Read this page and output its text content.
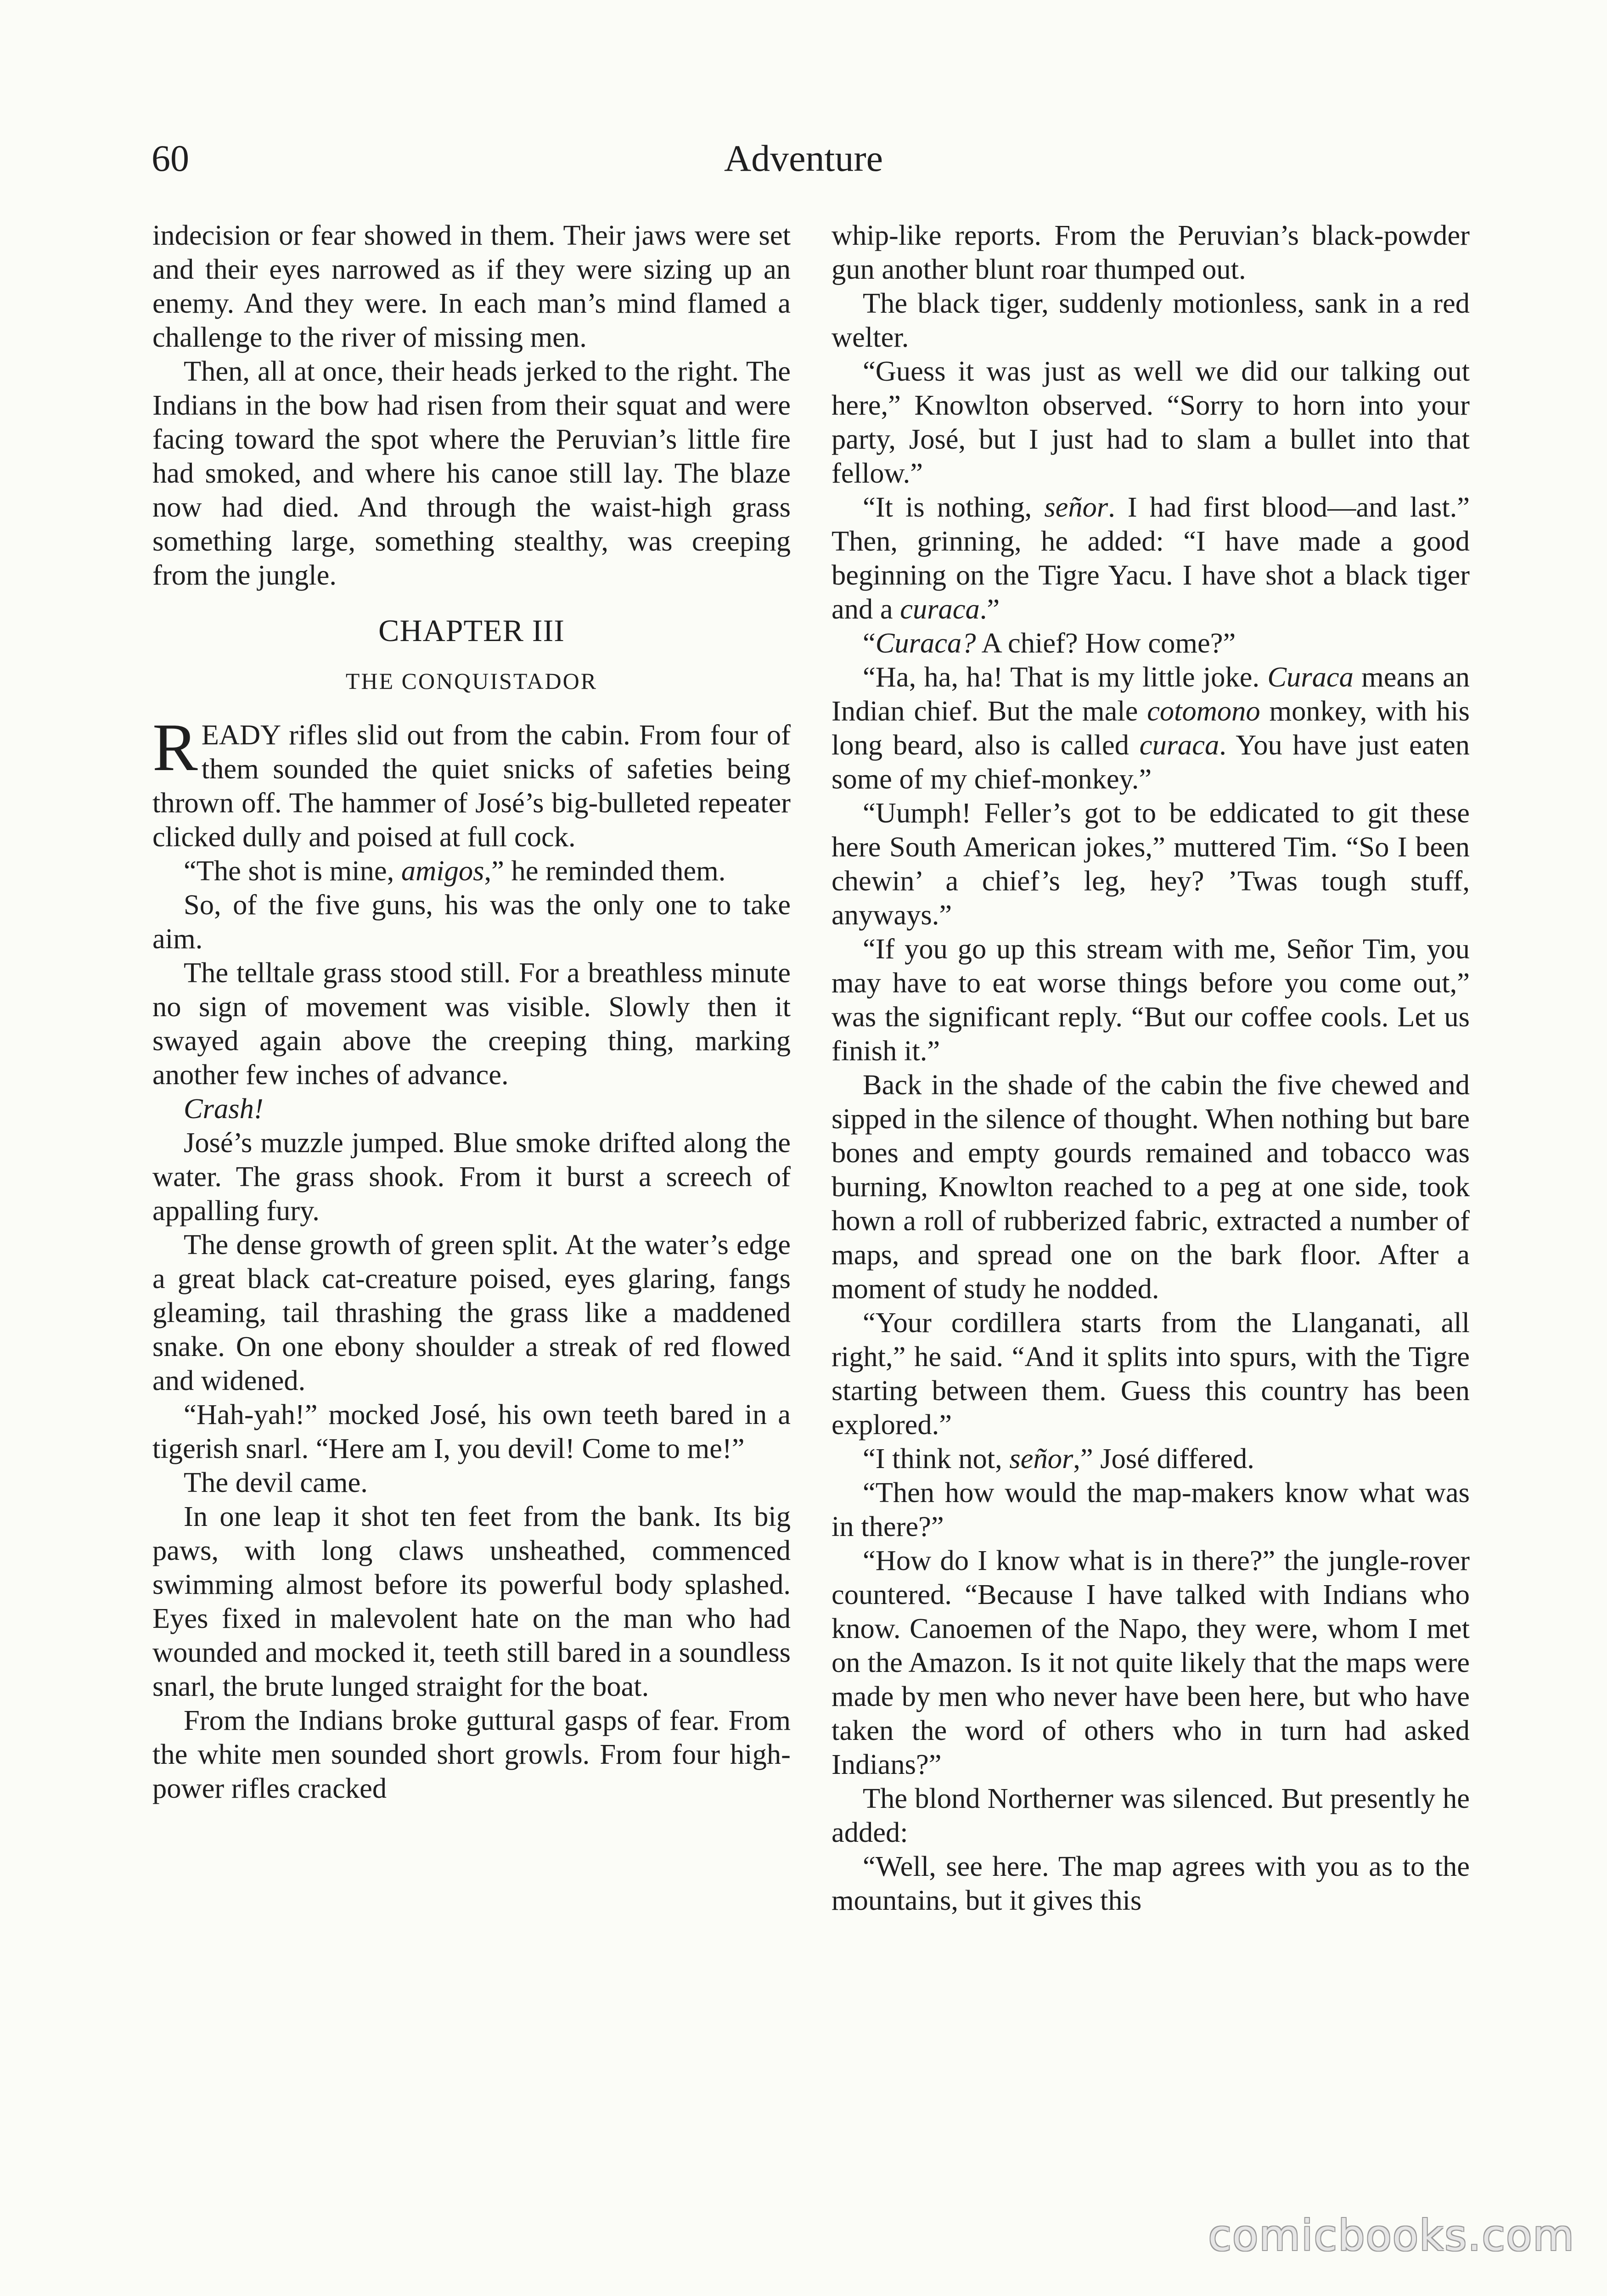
60	Adventure

indecision or fear showed in them. Their jaws were set and their eyes narrowed as if they were sizing up an enemy. And they were. In each man’s mind flamed a challenge to the river of missing men.

Then, all at once, their heads jerked to the right. The Indians in the bow had risen from their squat and were facing toward the spot where the Peruvian’s little fire had smoked, and where his canoe still lay. The blaze now had died. And through the waist-high grass something large, something stealthy, was creeping from the jungle.

CHAPTER III
THE CONQUISTADOR

READY rifles slid out from the cabin. From four of them sounded the quiet snicks of safeties being thrown off. The hammer of José’s big-bulleted repeater clicked dully and poised at full cock.

“The shot is mine, amigos,” he reminded them.

So, of the five guns, his was the only one to take aim.

The telltale grass stood still. For a breathless minute no sign of movement was visible. Slowly then it swayed again above the creeping thing, marking another few inches of advance.

Crash!

José’s muzzle jumped. Blue smoke drifted along the water. The grass shook. From it burst a screech of appalling fury.

The dense growth of green split. At the water’s edge a great black cat-creature poised, eyes glaring, fangs gleaming, tail thrashing the grass like a maddened snake. On one ebony shoulder a streak of red flowed and widened.

“Hah-yah!” mocked José, his own teeth bared in a tigerish snarl. “Here am I, you devil! Come to me!”

The devil came.

In one leap it shot ten feet from the bank. Its big paws, with long claws unsheathed, commenced swimming almost before its powerful body splashed. Eyes fixed in malevolent hate on the man who had wounded and mocked it, teeth still bared in a soundless snarl, the brute lunged straight for the boat.

From the Indians broke guttural gasps of fear. From the white men sounded short growls. From four high-power rifles cracked

whip-like reports. From the Peruvian’s black-powder gun another blunt roar thumped out.

The black tiger, suddenly motionless, sank in a red welter.

“Guess it was just as well we did our talking out here,” Knowlton observed. “Sorry to horn into your party, José, but I just had to slam a bullet into that fellow.”

“It is nothing, señor. I had first blood—and last.” Then, grinning, he added: “I have made a good beginning on the Tigre Yacu. I have shot a black tiger and a curaca.”

“Curaca? A chief? How come?”

“Ha, ha, ha! That is my little joke. Curaca means an Indian chief. But the male cotomono monkey, with his long beard, also is called curaca. You have just eaten some of my chief-monkey.”

“Uumph! Feller’s got to be eddicated to git these here South American jokes,” muttered Tim. “So I been chewin’ a chief’s leg, hey? ’Twas tough stuff, anyways.”

“If you go up this stream with me, Señor Tim, you may have to eat worse things before you come out,” was the significant reply. “But our coffee cools. Let us finish it.”

Back in the shade of the cabin the five chewed and sipped in the silence of thought. When nothing but bare bones and empty gourds remained and tobacco was burning, Knowlton reached to a peg at one side, took hown a roll of rubberized fabric, extracted a number of maps, and spread one on the bark floor. After a moment of study he nodded.

“Your cordillera starts from the Llanganati, all right,” he said. “And it splits into spurs, with the Tigre starting between them. Guess this country has been explored.”

“I think not, señor,” José differed.

“Then how would the map-makers know what was in there?”

“How do I know what is in there?” the jungle-rover countered. “Because I have talked with Indians who know. Canoemen of the Napo, they were, whom I met on the Amazon. Is it not quite likely that the maps were made by men who never have been here, but who have taken the word of others who in turn had asked Indians?”

The blond Northerner was silenced. But presently he added:

“Well, see here. The map agrees with you as to the mountains, but it gives this

comicbooks.com
